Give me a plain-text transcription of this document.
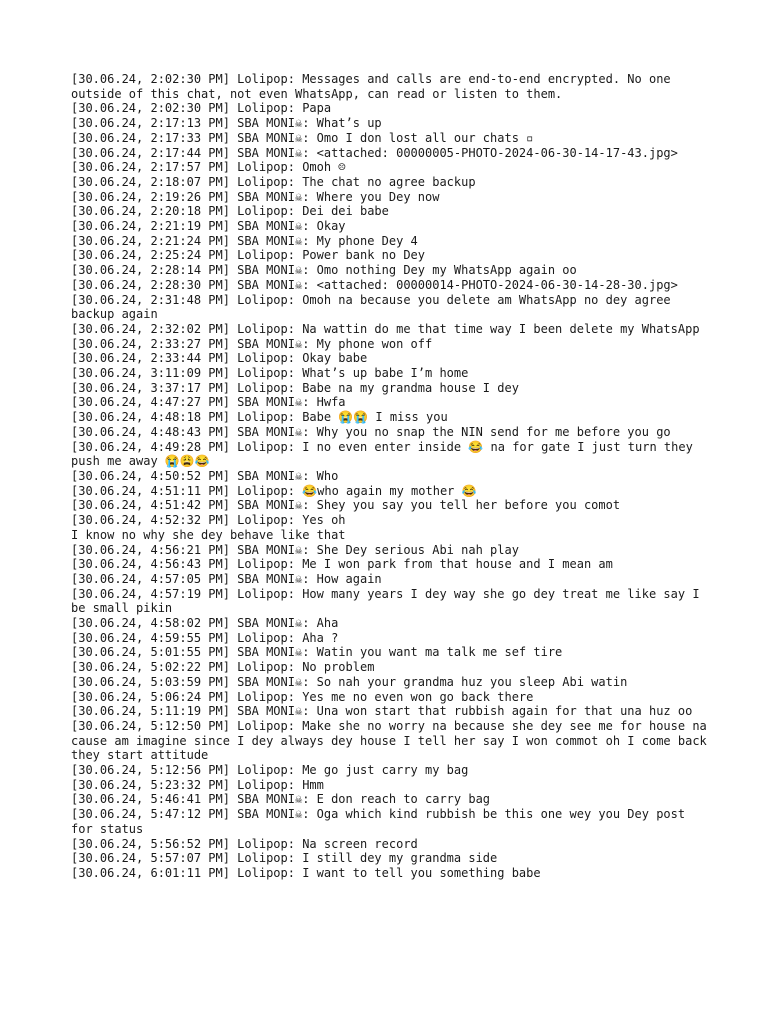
[30.06.24, 2:02:30 PM] Lolipop: Messages and calls are end-to-end encrypted. No one outside of this chat, not even WhatsApp, can read or listen to them.

[30.06.24, 2:02:30 PM] Lolipop: Papa

[30.06.24, 2:17:13 PM] SBA MONI☠: What’s up

[30.06.24, 2:17:33 PM] SBA MONI☠: Omo I don lost all our chats ▫

[30.06.24, 2:17:44 PM] SBA MONI☠: <attached: 00000005-PHOTO-2024-06-30-14-17-43.jpg>

[30.06.24, 2:17:57 PM] Lolipop: Omoh ☹

[30.06.24, 2:18:07 PM] Lolipop: The chat no agree backup

[30.06.24, 2:19:26 PM] SBA MONI☠: Where you Dey now

[30.06.24, 2:20:18 PM] Lolipop: Dei dei babe

[30.06.24, 2:21:19 PM] SBA MONI☠: Okay

[30.06.24, 2:21:24 PM] SBA MONI☠: My phone Dey 4

[30.06.24, 2:25:24 PM] Lolipop: Power bank no Dey

[30.06.24, 2:28:14 PM] SBA MONI☠: Omo nothing Dey my WhatsApp again oo

[30.06.24, 2:28:30 PM] SBA MONI☠: <attached: 00000014-PHOTO-2024-06-30-14-28-30.jpg>

[30.06.24, 2:31:48 PM] Lolipop: Omoh na because you delete am WhatsApp no dey agree backup again

[30.06.24, 2:32:02 PM] Lolipop: Na wattin do me that time way I been delete my WhatsApp

[30.06.24, 2:33:27 PM] SBA MONI☠: My phone won off

[30.06.24, 2:33:44 PM] Lolipop: Okay babe

[30.06.24, 3:11:09 PM] Lolipop: What’s up babe I’m home

[30.06.24, 3:37:17 PM] Lolipop: Babe na my grandma house I dey

[30.06.24, 4:47:27 PM] SBA MONI☠: Hwfa

[30.06.24, 4:48:18 PM] Lolipop: Babe 😭😭 I miss you

[30.06.24, 4:48:43 PM] SBA MONI☠: Why you no snap the NIN send for me before you go

[30.06.24, 4:49:28 PM] Lolipop: I no even enter inside 😂 na for gate I just turn they push me away 😭😩😂

[30.06.24, 4:50:52 PM] SBA MONI☠: Who

[30.06.24, 4:51:11 PM] Lolipop: 😂who again my mother 😂

[30.06.24, 4:51:42 PM] SBA MONI☠: Shey you say you tell her before you comot

[30.06.24, 4:52:32 PM] Lolipop: Yes oh
I know no why she dey behave like that

[30.06.24, 4:56:21 PM] SBA MONI☠: She Dey serious Abi nah play

[30.06.24, 4:56:43 PM] Lolipop: Me I won park from that house and I mean am

[30.06.24, 4:57:05 PM] SBA MONI☠: How again

[30.06.24, 4:57:19 PM] Lolipop: How many years I dey way she go dey treat me like say I be small pikin

[30.06.24, 4:58:02 PM] SBA MONI☠: Aha

[30.06.24, 4:59:55 PM] Lolipop: Aha ?

[30.06.24, 5:01:55 PM] SBA MONI☠: Watin you want ma talk me sef tire

[30.06.24, 5:02:22 PM] Lolipop: No problem

[30.06.24, 5:03:59 PM] SBA MONI☠: So nah your grandma huz you sleep Abi watin

[30.06.24, 5:06:24 PM] Lolipop: Yes me no even won go back there

[30.06.24, 5:11:19 PM] SBA MONI☠: Una won start that rubbish again for that una huz oo

[30.06.24, 5:12:50 PM] Lolipop: Make she no worry na because she dey see me for house na cause am imagine since I dey always dey house I tell her say I won commot oh I come back they start attitude

[30.06.24, 5:12:56 PM] Lolipop: Me go just carry my bag

[30.06.24, 5:23:32 PM] Lolipop: Hmm

[30.06.24, 5:46:41 PM] SBA MONI☠: E don reach to carry bag

[30.06.24, 5:47:12 PM] SBA MONI☠: Oga which kind rubbish be this one wey you Dey post for status

[30.06.24, 5:56:52 PM] Lolipop: Na screen record

[30.06.24, 5:57:07 PM] Lolipop: I still dey my grandma side

[30.06.24, 6:01:11 PM] Lolipop: I want to tell you something babe
